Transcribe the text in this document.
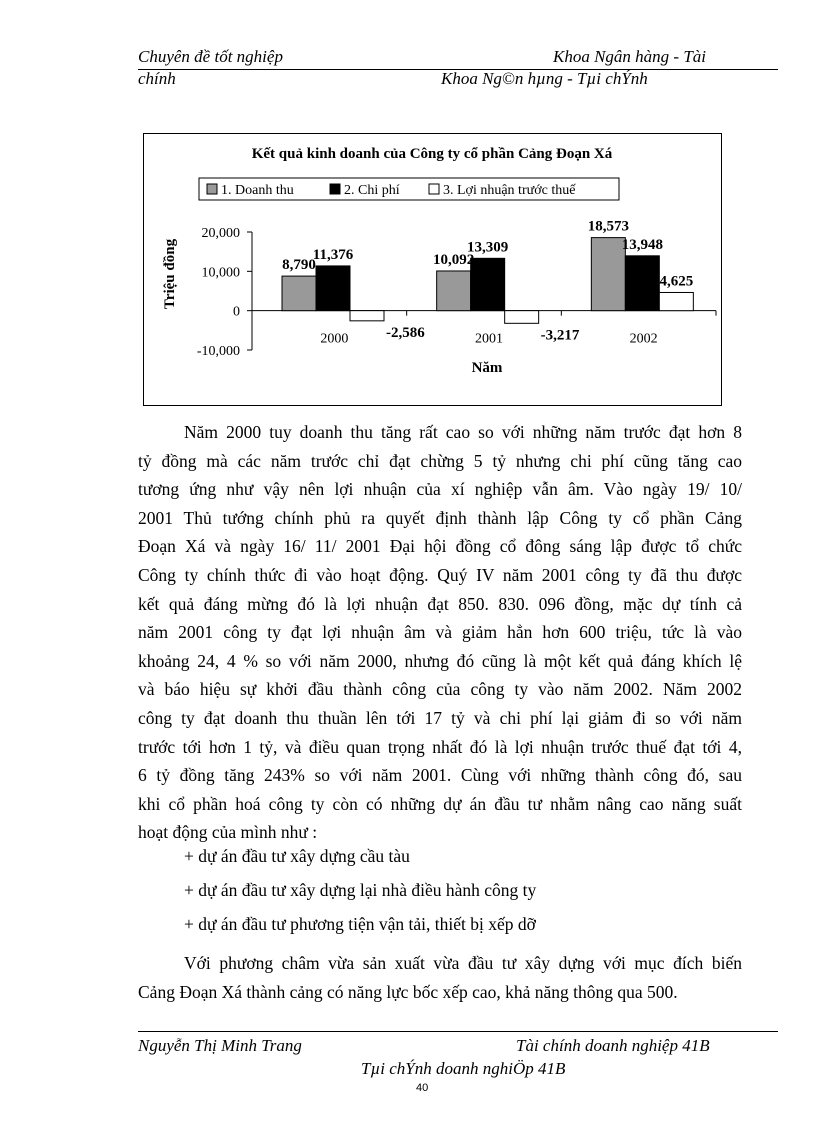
Chuyên đề tốt nghiệp	Khoa Ngân hàng - Tài
chính	Khoa Ng©n hµng - Tµi chÝnh
Kết quả kinh doanh của Công ty cổ phần Cảng Đoạn Xá
1. Doanh thu	2. Chi phí	3. Lợi nhuận trước thuế
Triệu đồng
20,000
10,000
0
-10,000
2000	2001	2002
8,790
11,376
-2,586
10,092
13,309
-3,217
18,573
13,948
4,625
Năm
Năm 2000 tuy doanh thu tăng rất cao so với những năm trước đạt hơn 8
tỷ đồng mà các năm trước chỉ đạt chừng 5 tỷ nhưng chi phí cũng tăng cao
tương ứng như vậy nên lợi nhuận của xí nghiệp vẫn âm. Vào ngày 19/ 10/
2001 Thủ tướng chính phủ ra quyết định thành lập Công ty cổ phần Cảng
Đoạn Xá và ngày 16/ 11/ 2001 Đại hội đồng cổ đông sáng lập được tổ chức
Công ty chính thức đi vào hoạt động. Quý IV năm 2001 công ty đã thu được
kết quả đáng mừng đó là lợi nhuận đạt 850. 830. 096 đồng, mặc dự tính cả
năm 2001 công ty đạt lợi nhuận âm và giảm hẳn hơn 600 triệu, tức là vào
khoảng 24, 4 % so với năm 2000, nhưng đó cũng là một kết quả đáng khích lệ
và báo hiệu sự khởi đầu thành công của công ty vào năm 2002. Năm 2002
công ty đạt doanh thu thuần lên tới 17 tỷ và chi phí lại giảm đi so với năm
trước tới hơn 1 tỷ, và điều quan trọng nhất đó là lợi nhuận trước thuế đạt tới 4,
6 tỷ đồng tăng 243% so với năm 2001. Cùng với những thành công đó, sau
khi cổ phần hoá công ty còn có những dự án đầu tư nhằm nâng cao năng suất
hoạt động của mình như :
+ dự án đầu tư xây dựng cầu tàu
+ dự án đầu tư xây dựng lại nhà điều hành công ty
+ dự án đầu tư phương tiện vận tải, thiết bị xếp dỡ
Với phương châm vừa sản xuất vừa đầu tư xây dựng với mục đích biến
Cảng Đoạn Xá thành cảng có năng lực bốc xếp cao, khả năng thông qua 500.
Nguyễn Thị Minh Trang	Tài chính doanh nghiệp 41B
Tµi chÝnh doanh nghiÖp 41B
40
